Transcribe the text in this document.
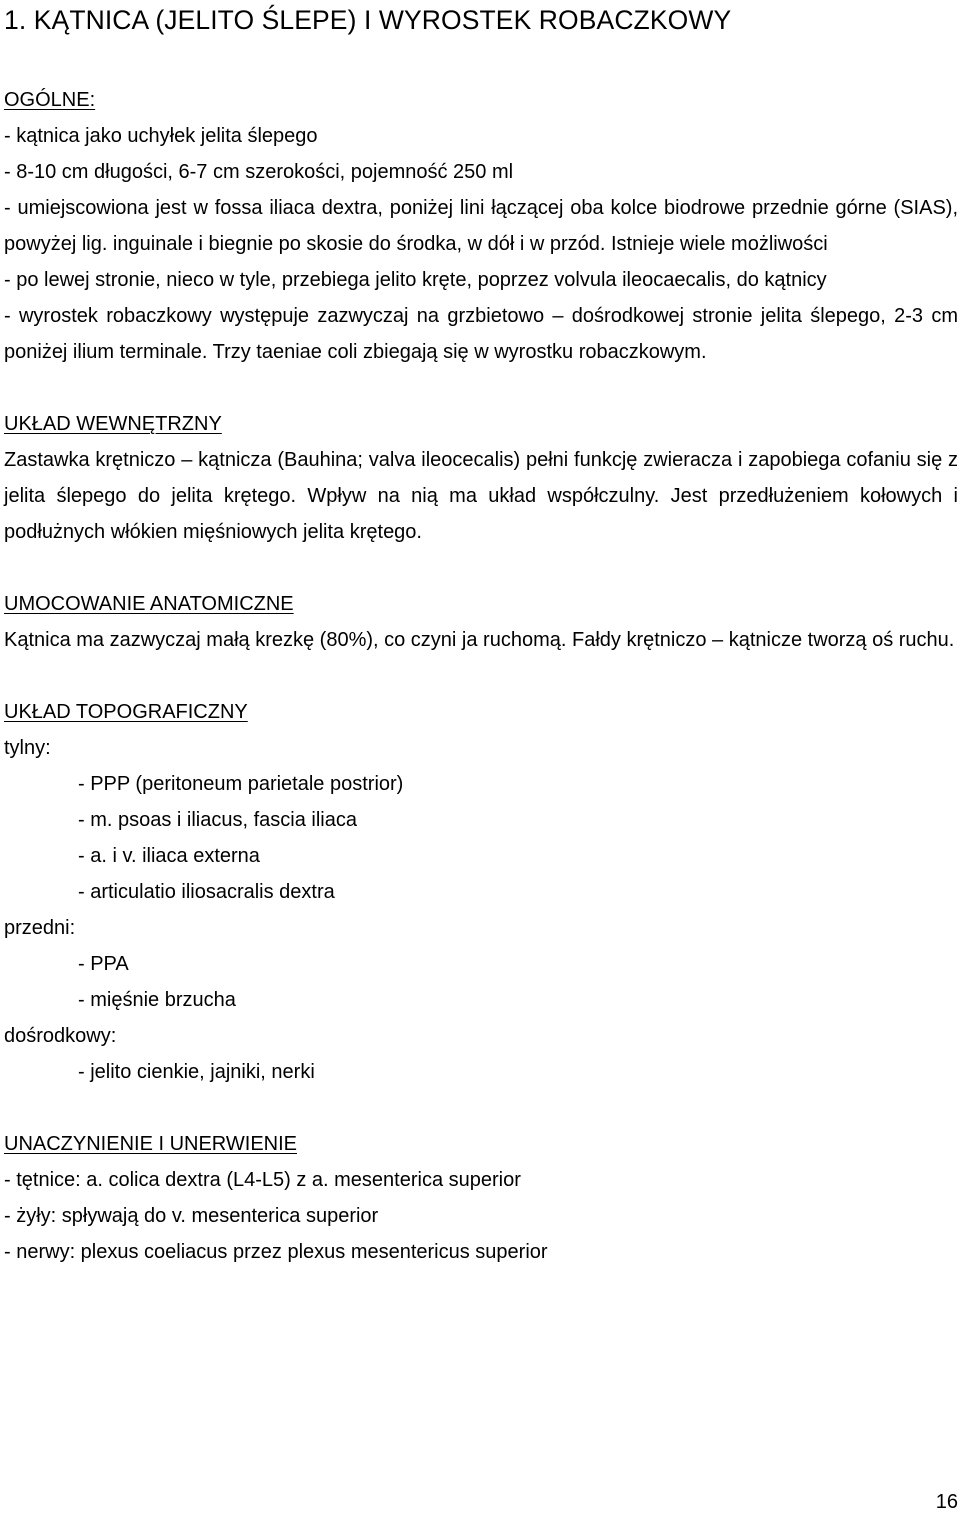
1. KĄTNICA (JELITO ŚLEPE) I WYROSTEK ROBACZKOWY
OGÓLNE:
- kątnica jako uchyłek jelita ślepego
- 8-10 cm długości, 6-7 cm szerokości, pojemność 250 ml

- umiejscowiona jest w fossa iliaca dextra, poniżej lini łączącej oba kolce biodrowe przednie górne (SIAS), powyżej lig. inguinale i biegnie po skosie do środka, w dół i w przód. Istnieje wiele możliwości

- po lewej stronie, nieco w tyle, przebiega jelito kręte, poprzez volvula ileocaecalis, do kątnicy

- wyrostek robaczkowy występuje zazwyczaj na grzbietowo – dośrodkowej stronie jelita ślepego, 2-3 cm poniżej ilium terminale. Trzy taeniae coli zbiegają się w wyrostku robaczkowym.

UKŁAD WEWNĘTRZNY

Zastawka krętniczo – kątnicza (Bauhina; valva ileocecalis) pełni funkcję zwieracza i zapobiega cofaniu się z jelita ślepego do jelita krętego. Wpływ na nią ma układ współczulny. Jest przedłużeniem kołowych i podłużnych włókien mięśniowych jelita krętego.

UMOCOWANIE ANATOMICZNE

Kątnica ma zazwyczaj małą krezkę (80%), co czyni ja ruchomą. Fałdy krętniczo – kątnicze tworzą oś ruchu.

UKŁAD TOPOGRAFICZNY
tylny:
- PPP (peritoneum parietale postrior)
- m. psoas i iliacus, fascia iliaca
- a. i v. iliaca externa
- articulatio iliosacralis dextra
przedni:
- PPA
- mięśnie brzucha
dośrodkowy:
- jelito cienkie, jajniki, nerki
UNACZYNIENIE I UNERWIENIE
- tętnice: a. colica dextra (L4-L5) z a. mesenterica superior
- żyły: spływają do v. mesenterica superior
- nerwy: plexus coeliacus przez plexus mesentericus superior
16
